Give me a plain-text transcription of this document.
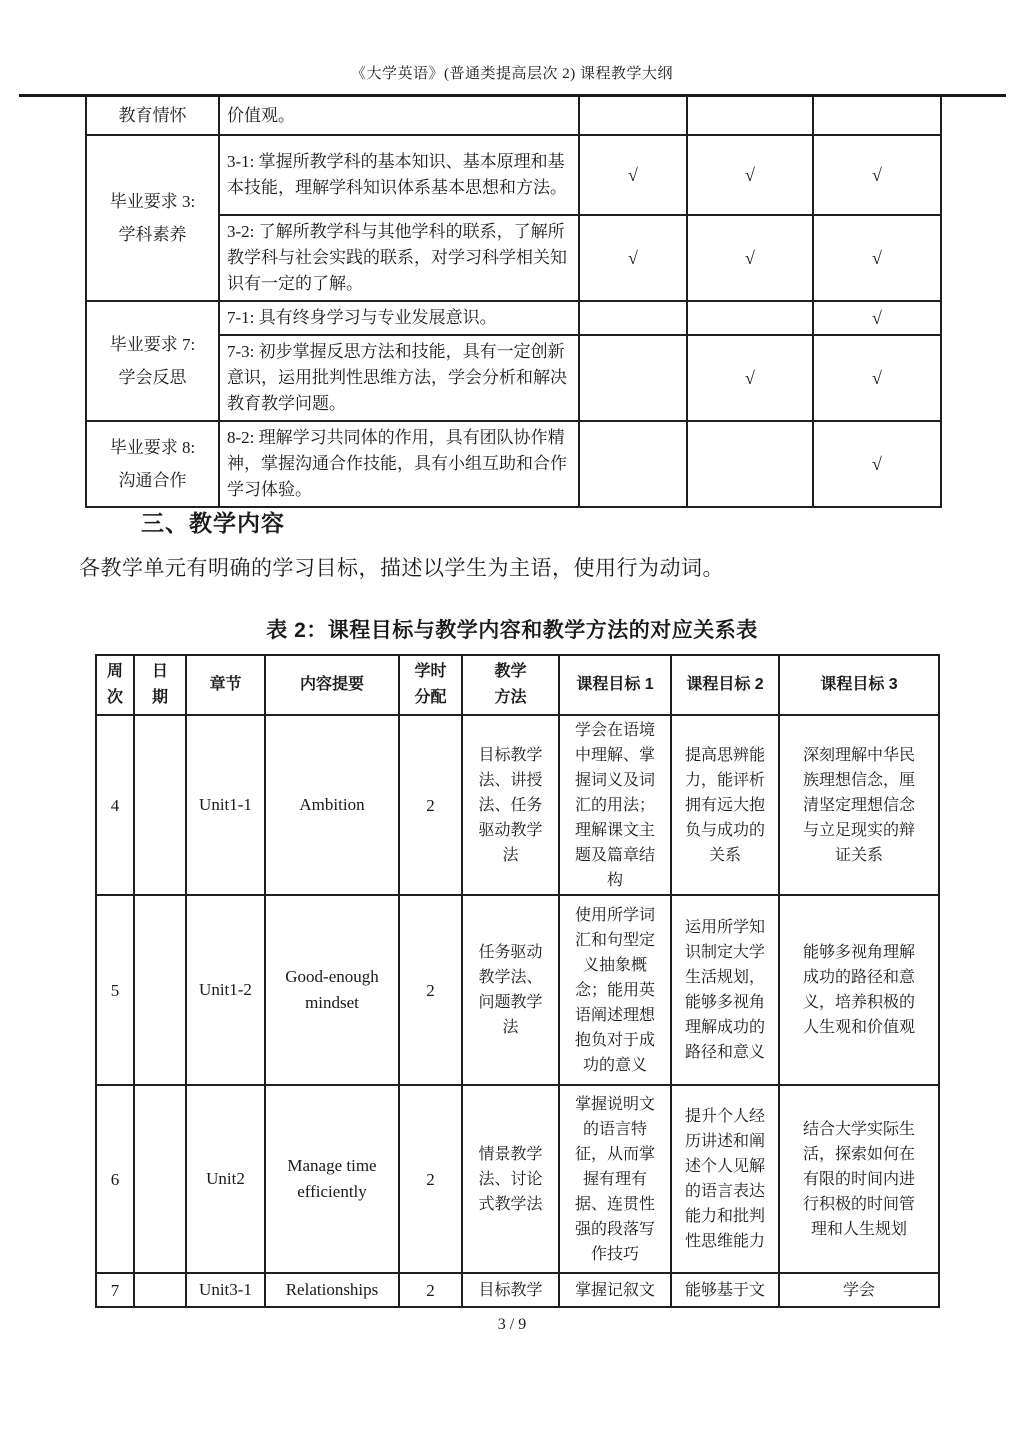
《大学英语》(普通类提高层次 2) 课程教学大纲
教育情怀	价值观。			

毕业要求 3:
学科素养	3-1: 掌握所教学科的基本知识、基本原理和基本技能，理解学科知识体系基本思想和方法。	√	√	√
	3-2: 了解所教学科与其他学科的联系，了解所教学科与社会实践的联系，对学习科学相关知识有一定的了解。	√	√	√

毕业要求 7:
学会反思	7-1: 具有终身学习与专业发展意识。			√
	7-3: 初步掌握反思方法和技能，具有一定创新意识，运用批判性思维方法，学会分析和解决教育教学问题。		√	√

毕业要求 8:
沟通合作	8-2: 理解学习共同体的作用，具有团队协作精神，掌握沟通合作技能，具有小组互助和合作学习体验。			√
三、教学内容
各教学单元有明确的学习目标，描述以学生为主语，使用行为动词。
表 2：课程目标与教学内容和教学方法的对应关系表
周
次	日
期	章节	内容提要	学时
分配	教学
方法	课程目标 1	课程目标 2	课程目标 3

4		Unit1-1	Ambition	2	目标教学法、讲授法、任务驱动教学法	学会在语境中理解、掌握词义及词汇的用法；理解课文主题及篇章结构	提高思辨能力，能评析拥有远大抱负与成功的关系	深刻理解中华民族理想信念，厘清坚定理想信念与立足现实的辩证关系
5		Unit1-2	Good-enough mindset	2	任务驱动教学法、问题教学法	使用所学词汇和句型定义抽象概念；能用英语阐述理想抱负对于成功的意义	运用所学知识制定大学生活规划，能够多视角理解成功的路径和意义	能够多视角理解成功的路径和意义，培养积极的人生观和价值观
6		Unit2	Manage time efficiently	2	情景教学法、讨论式教学法	掌握说明文的语言特征，从而掌握有理有据、连贯性强的段落写作技巧	提升个人经历讲述和阐述个人见解的语言表达能力和批判性思维能力	结合大学实际生活，探索如何在有限的时间内进行积极的时间管理和人生规划
7		Unit3-1	Relationships	2	目标教学	掌握记叙文	能够基于文	学会
3 / 9
